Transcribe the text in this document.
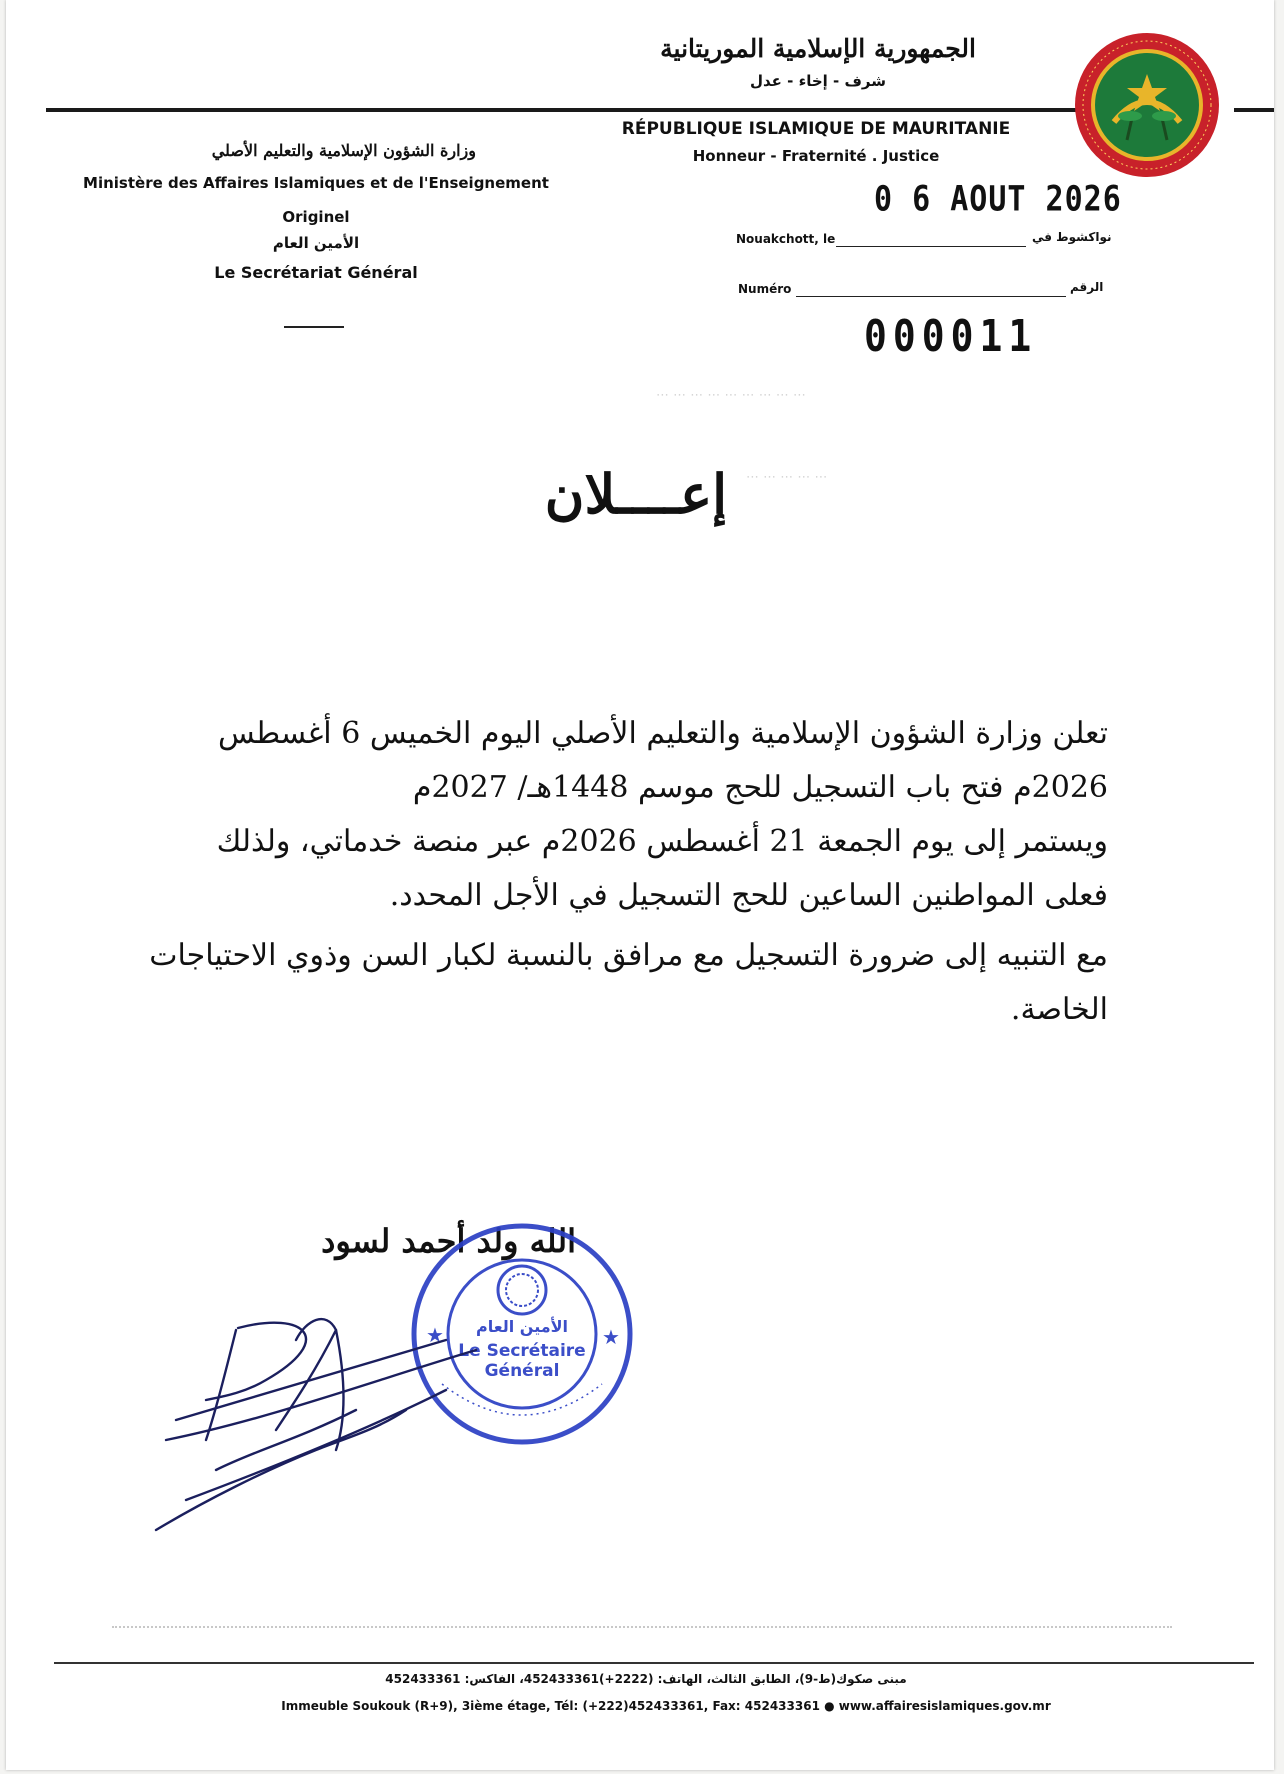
⋯ ⋯ ⋯ ⋯ ⋯ ⋯ ⋯ ⋯ ⋯
⋯ ⋯ ⋯ ⋯ ⋯
الجمهورية الإسلامية الموريتانية
شرف - إخاء - عدل
RÉPUBLIQUE ISLAMIQUE DE MAURITANIE
Honneur - Fraternité . Justice
وزارة الشؤون الإسلامية والتعليم الأصلي
Ministère des Affaires Islamiques et de l'Enseignement
Originel
الأمين العام
Le Secrétariat Général
0 6 AOUT 2026
Nouakchott, le	نواكشوط في
Numéro	الرقم
000011
إعــــلان
تعلن وزارة الشؤون الإسلامية والتعليم الأصلي اليوم الخميس 6 أغسطس
2026م فتح باب التسجيل للحج موسم 1448هـ/ 2027م
ويستمر إلى يوم الجمعة 21 أغسطس 2026م عبر منصة خدماتي، ولذلك
فعلى المواطنين الساعين للحج التسجيل في الأجل المحدد.
مع التنبيه إلى ضرورة التسجيل مع مرافق بالنسبة لكبار السن وذوي الاحتياجات
الخاصة.
الله ولد أحمد لسود
★	★
الأمين العام
Le Secrétaire
Général
مبنى صكوك(ط-9)، الطابق الثالث، الهاتف: (2222+)452433361، الفاكس: 452433361
Immeuble Soukouk (R+9), 3ième étage, Tél: (+222)452433361, Fax: 452433361 ● www.affairesislamiques.gov.mr
